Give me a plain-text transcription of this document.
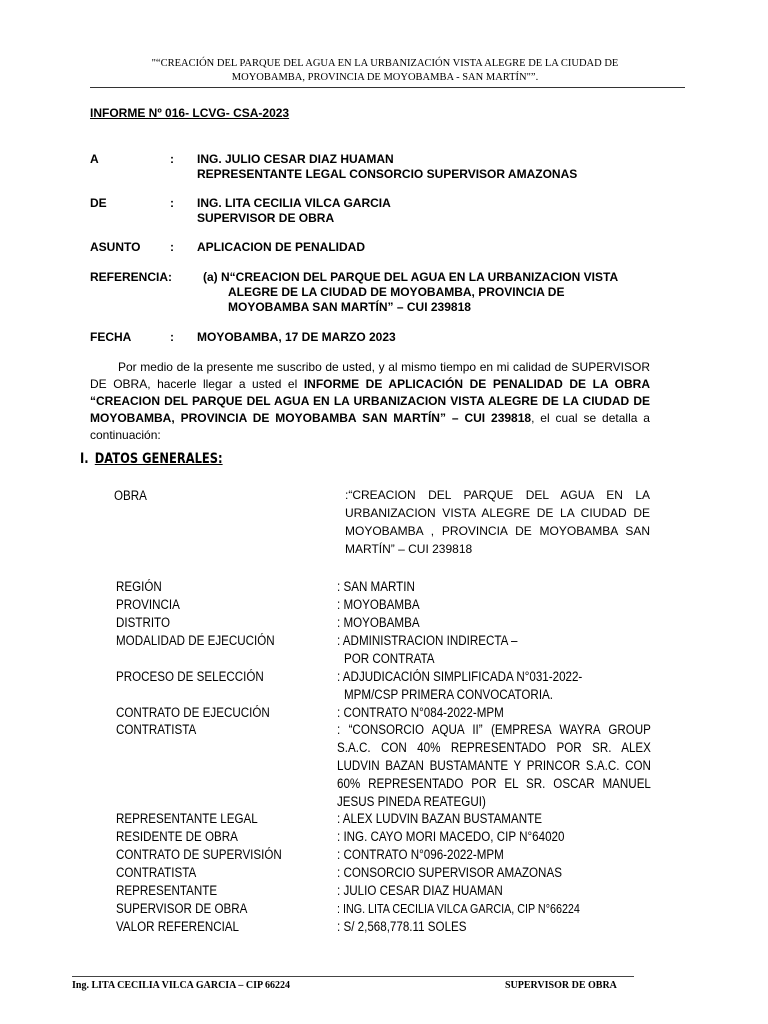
"“CREACIÓN DEL PARQUE DEL AGUA EN LA URBANIZACIÓN VISTA ALEGRE DE LA CIUDAD DE
MOYOBAMBA, PROVINCIA DE MOYOBAMBA - SAN MARTÍN"”.
INFORME Nº 016- LCVG- CSA-2023
A	:	ING. JULIO CESAR DIAZ HUAMAN
REPRESENTANTE LEGAL CONSORCIO SUPERVISOR AMAZONAS
DE	:	ING. LITA CECILIA VILCA GARCIA
SUPERVISOR DE OBRA
ASUNTO	:	APLICACION DE PENALIDAD
REFERENCIA:	(a) N“CREACION DEL PARQUE DEL AGUA EN LA URBANIZACION VISTA
ALEGRE DE LA CIUDAD DE MOYOBAMBA, PROVINCIA DE
MOYOBAMBA SAN MARTÍN” – CUI 239818
FECHA	:	MOYOBAMBA, 17 DE MARZO 2023
Por medio de la presente me suscribo de usted, y al mismo tiempo en mi calidad de SUPERVISOR DE OBRA, hacerle llegar a usted el INFORME DE APLICACIÓN DE PENALIDAD DE LA OBRA “CREACION DEL PARQUE DEL AGUA EN LA URBANIZACION VISTA ALEGRE DE LA CIUDAD DE MOYOBAMBA, PROVINCIA DE MOYOBAMBA SAN MARTÍN” – CUI 239818, el cual se detalla a continuación:
I. DATOS GENERALES:
OBRA	:“CREACION DEL PARQUE DEL AGUA EN LA URBANIZACION VISTA ALEGRE DE LA CIUDAD DE MOYOBAMBA , PROVINCIA DE MOYOBAMBA SAN MARTÍN” – CUI 239818
REGIÓN	: SAN MARTIN
PROVINCIA	: MOYOBAMBA
DISTRITO	: MOYOBAMBA
MODALIDAD DE EJECUCIÓN	: ADMINISTRACION INDIRECTA –
POR CONTRATA
PROCESO DE SELECCIÓN	: ADJUDICACIÓN SIMPLIFICADA N°031-2022-
MPM/CSP PRIMERA CONVOCATORIA.
CONTRATO DE EJECUCIÓN	: CONTRATO N°084-2022-MPM
CONTRATISTA	: “CONSORCIO AQUA II” (EMPRESA WAYRA GROUP S.A.C. CON 40% REPRESENTADO POR SR. ALEX LUDVIN BAZAN BUSTAMANTE Y PRINCOR S.A.C. CON 60% REPRESENTADO POR EL SR. OSCAR MANUEL JESUS PINEDA REATEGUI)
REPRESENTANTE LEGAL	: ALEX LUDVIN BAZAN BUSTAMANTE
RESIDENTE DE OBRA	: ING. CAYO MORI MACEDO, CIP N°64020
CONTRATO DE SUPERVISIÓN	: CONTRATO N°096-2022-MPM
CONTRATISTA	: CONSORCIO SUPERVISOR AMAZONAS
REPRESENTANTE	: JULIO CESAR DIAZ HUAMAN
SUPERVISOR DE OBRA	: ING. LITA CECILIA VILCA GARCIA, CIP N°66224
VALOR REFERENCIAL	: S/ 2,568,778.11 SOLES
Ing. LITA CECILIA VILCA GARCIA – CIP 66224	SUPERVISOR DE OBRA
